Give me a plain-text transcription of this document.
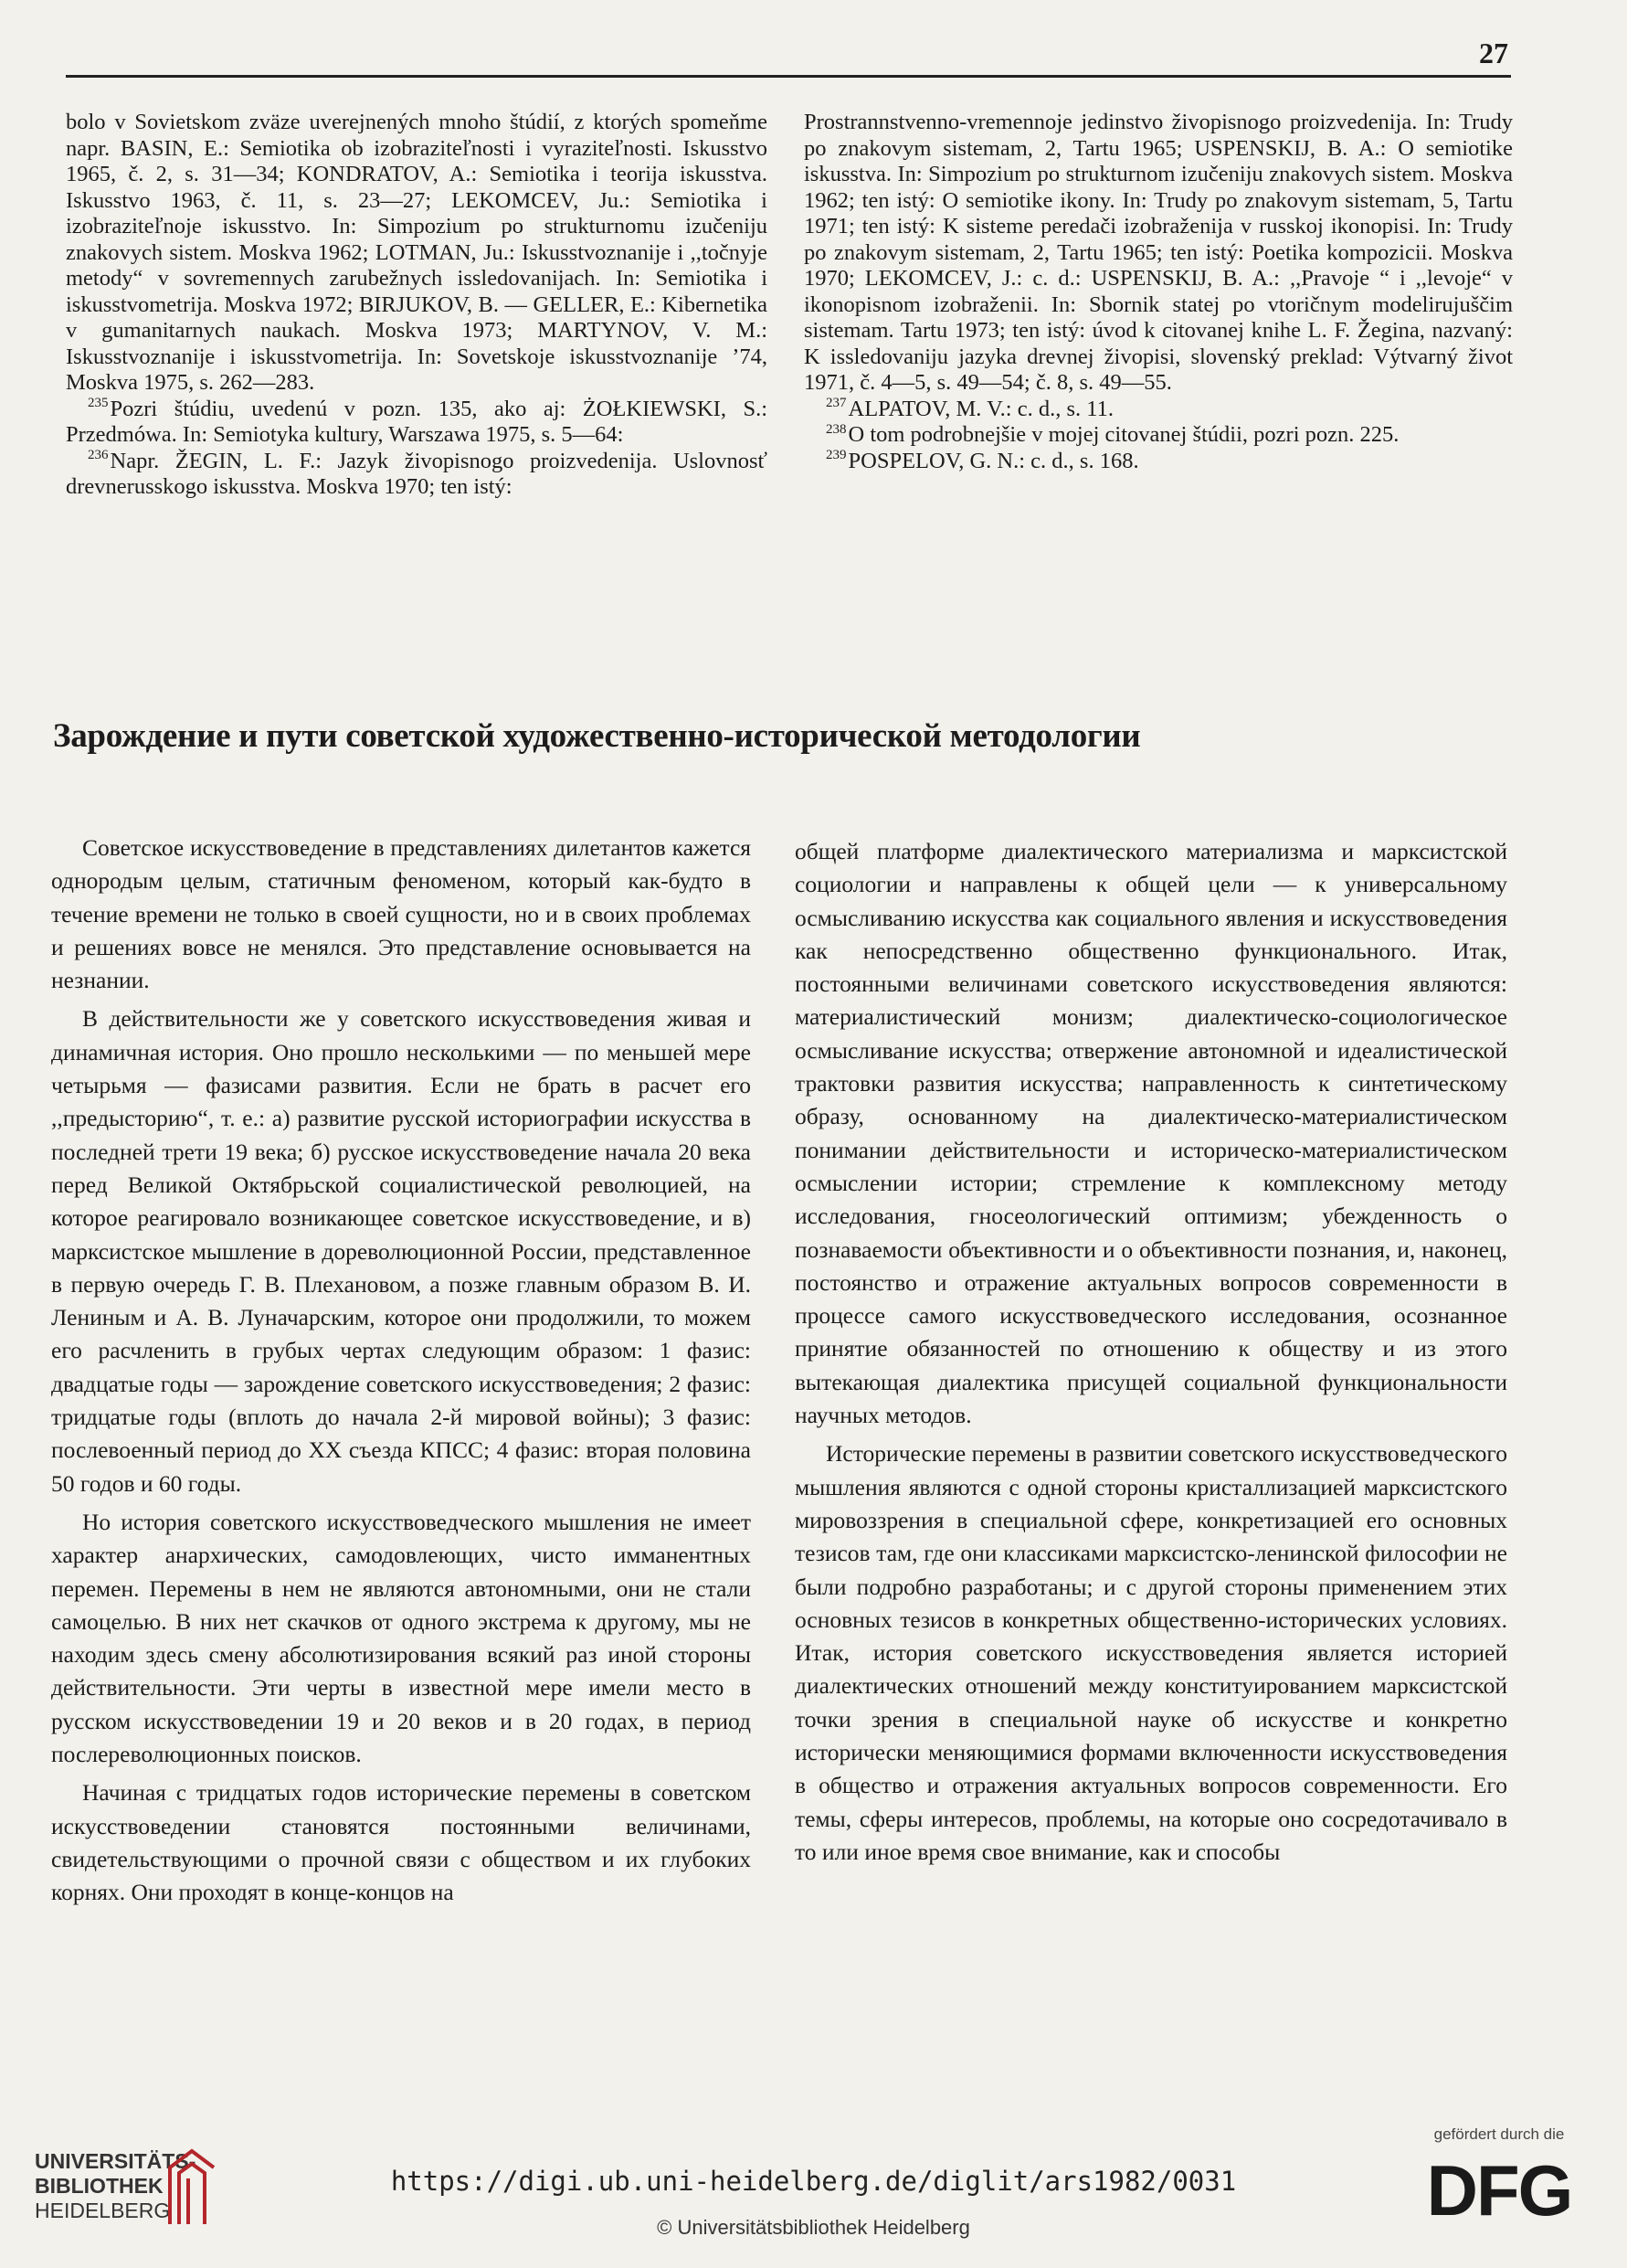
27

bolo v Sovietskom zväze uverejnených mnoho štúdií, z ktorých spomeňme napr. BASIN, E.: Semiotika ob izobraziteľnosti i vyraziteľnosti. Iskusstvo 1965, č. 2, s. 31—34; KONDRATOV, A.: Semiotika i teorija iskusstva. Iskusstvo 1963, č. 11, s. 23—27; LEKOMCEV, Ju.: Semiotika i izobraziteľnoje iskusstvo. In: Simpozium po strukturnomu izučeniju znakovych sistem. Moskva 1962; LOTMAN, Ju.: Iskusstvoznanije i ,,točnyje metody“ v sovremennych zarubežnych issledovanijach. In: Semiotika i iskusstvometrija. Moskva 1972; BIRJUKOV, B. — GELLER, E.: Kibernetika v gumanitarnych naukach. Moskva 1973; MARTYNOV, V. M.: Iskusstvoznanije i iskusstvometrija. In: Sovetskoje iskusstvoznanije ’74, Moskva 1975, s. 262—283.

$^{235}$Pozri štúdiu, uvedenú v pozn. 135, ako aj: ŻOŁKIEWSKI, S.: Przedmówa. In: Semiotyka kultury, Warszawa 1975, s. 5—64:

$^{236}$Napr. ŽEGIN, L. F.: Jazyk živopisnogo proizvedenija. Uslovnosť drevnerusskogo iskusstva. Moskva 1970; ten istý:

Prostrannstvenno-vremennoje jedinstvo živopisnogo proizvedenija. In: Trudy po znakovym sistemam, 2, Tartu 1965; USPENSKIJ, B. A.: O semiotike iskusstva. In: Simpozium po strukturnom izučeniju znakovych sistem. Moskva 1962; ten istý: O semiotike ikony. In: Trudy po znakovym sistemam, 5, Tartu 1971; ten istý: K sisteme peredači izobraženija v russkoj ikonopisi. In: Trudy po znakovym sistemam, 2, Tartu 1965; ten istý: Poetika kompozicii. Moskva 1970; LEKOMCEV, J.: c. d.: USPENSKIJ, B. A.: ,,Pravoje “ i ,,levoje“ v ikonopisnom izobraženii. In: Sbornik statej po vtoričnym modelirujuščim sistemam. Tartu 1973; ten istý: úvod k citovanej knihe L. F. Žegina, nazvaný: K issledovaniju jazyka drevnej živopisi, slovenský preklad: Výtvarný život 1971, č. 4—5, s. 49—54; č. 8, s. 49—55.

$^{237}$ALPATOV, M. V.: c. d., s. 11.

$^{238}$O tom podrobnejšie v mojej citovanej štúdii, pozri pozn. 225.

$^{239}$POSPELOV, G. N.: c. d., s. 168.

Зарождение и пути советской художественно-исторической методологии

Советское искусствоведение в представлениях дилетантов кажется однородым целым, статичным феноменом, который как-будто в течение времени не только в своей сущности, но и в своих проблемах и решениях вовсе не менялся. Это представление основывается на незнании.

В действительности же у советского искусствоведения живая и динамичная история. Оно прошло несколькими — по меньшей мере четырьмя — фазисами развития. Если не брать в расчет его ,,предысторию“, т. е.: а) развитие русской историографии искусства в последней трети 19 века; б) русское искусствоведение начала 20 века перед Великой Октябрьской социалистической революцией, на которое реагировало возникающее советское искусствоведение, и в) марксистское мышление в дореволюционной России, представленное в первую очередь Г. В. Плехановом, а позже главным образом В. И. Лениным и А. В. Луначарским, которое они продолжили, то можем его расчленить в грубых чертах следующим образом: 1 фазис: двадцатые годы — зарождение советского искусствоведения; 2 фазис: тридцатые годы (вплоть до начала 2-й мировой войны); 3 фазис: послевоенный период до XX съезда КПСС; 4 фазис: вторая половина 50 годов и 60 годы.

Но история советского искусствоведческого мышления не имеет характер анархических, самодовлеющих, чисто имманентных перемен. Перемены в нем не являются автономными, они не стали самоцелью. В них нет скачков от одного экстрема к другому, мы не находим здесь смену абсолютизирования всякий раз иной стороны действительности. Эти черты в известной мере имели место в русском искусствоведении 19 и 20 веков и в 20 годах, в период послереволюционных поисков.

Начиная с тридцатых годов исторические перемены в советском искусствоведении становятся постоянными величинами, свидетельствующими о прочной связи с обществом и их глубоких корнях. Они проходят в конце-концов на

общей платформе диалектического материализма и марксистской социологии и направлены к общей цели — к универсальному осмысливанию искусства как социального явления и искусствоведения как непосредственно общественно функционального. Итак, постоянными величинами советского искусствоведения являются: материалистический монизм; диалектическо-социологическое осмысливание искусства; отвержение автономной и идеалистической трактовки развития искусства; направленность к синтетическому образу, основанному на диалектическо-материалистическом понимании действительности и историческо-материалистическом осмыслении истории; стремление к комплексному методу исследования, гносеологический оптимизм; убежденность о познаваемости объективности и о объективности познания, и, наконец, постоянство и отражение актуальных вопросов современности в процессе самого искусствоведческого исследования, осознанное принятие обязанностей по отношению к обществу и из этого вытекающая диалектика присущей социальной функциональности научных методов.

Исторические перемены в развитии советского искусствоведческого мышления являются с одной стороны кристаллизацией марксистского мировоззрения в специальной сфере, конкретизацией его основных тезисов там, где они классиками марксистско-ленинской философии не были подробно разработаны; и с другой стороны применением этих основных тезисов в конкретных общественно-исторических условиях. Итак, история советского искусствоведения является историей диалектических отношений между конституированием марксистской точки зрения в специальной науке об искусстве и конкретно исторически меняющимися формами включенности искусствоведения в общество и отражения актуальных вопросов современности. Его темы, сферы интересов, проблемы, на которые оно сосредотачивало в то или иное время свое внимание, как и способы

UNIVERSITÄTS-
BIBLIOTHEK
HEIDELBERG
https://digi.ub.uni-heidelberg.de/diglit/ars1982/0031
© Universitätsbibliothek Heidelberg
gefördert durch die
DFG
